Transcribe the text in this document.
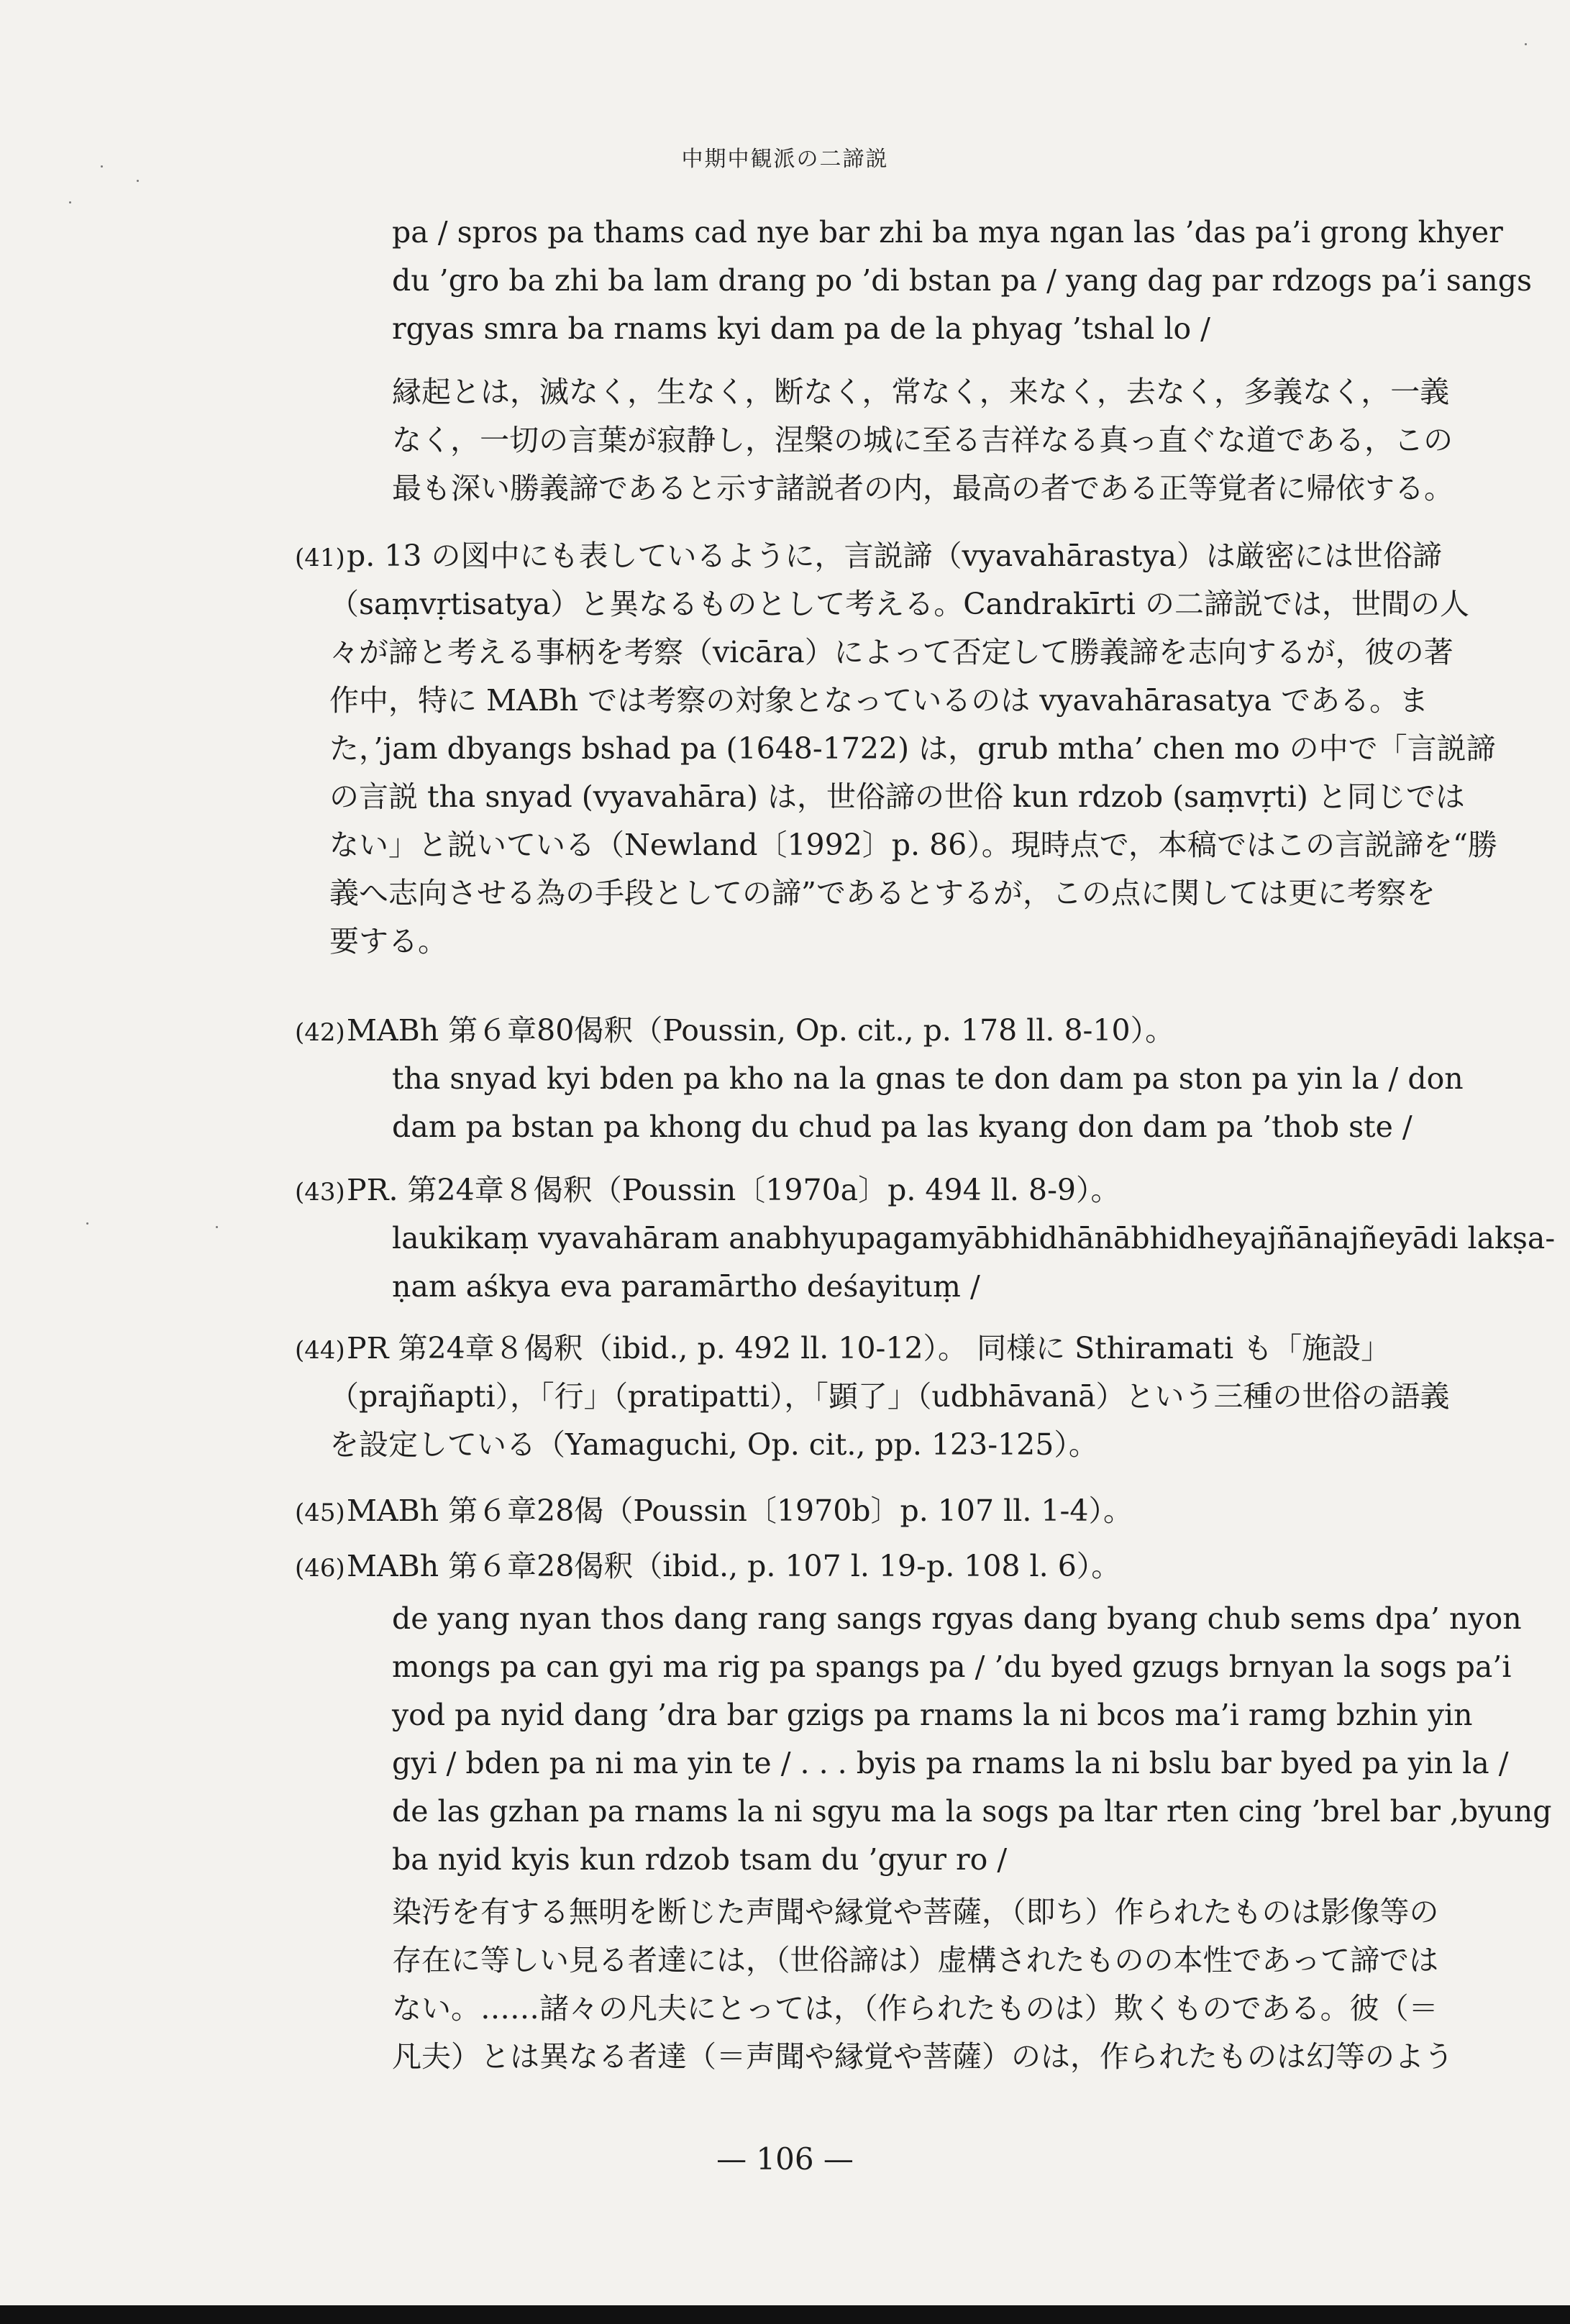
中期中観派の二諦説
pa / spros pa thams cad nye bar zhi ba mya ngan las ’das pa’i grong khyer
du ’gro ba zhi ba lam drang po ’di bstan pa / yang dag par rdzogs pa’i sangs
rgyas smra ba rnams kyi dam pa de la phyag ’tshal lo /
縁起とは，滅なく，生なく，断なく，常なく，来なく，去なく，多義なく，一義
なく，一切の言葉が寂静し，涅槃の城に至る吉祥なる真っ直ぐな道である，この
最も深い勝義諦であると示す諸説者の内，最高の者である正等覚者に帰依する。
(41)p. 13 の図中にも表しているように，言説諦（vyavahārastya）は厳密には世俗諦
（saṃvṛtisatya）と異なるものとして考える。Candrakīrti の二諦説では，世間の人
々が諦と考える事柄を考察（vicāra）によって否定して勝義諦を志向するが，彼の著
作中，特に MABh では考察の対象となっているのは vyavahārasatya である。ま
た，’jam dbyangs bshad pa (1648-1722) は，grub mtha’ chen mo の中で「言説諦
の言説 tha snyad (vyavahāra) は，世俗諦の世俗 kun rdzob (saṃvṛti) と同じでは
ない」と説いている（Newland〔1992〕p. 86）。現時点で，本稿ではこの言説諦を“勝
義へ志向させる為の手段としての諦”であるとするが，この点に関しては更に考察を
要する。
(42)MABh 第６章80偈釈（Poussin, Op. cit., p. 178 ll. 8-10）。
tha snyad kyi bden pa kho na la gnas te don dam pa ston pa yin la / don
dam pa bstan pa khong du chud pa las kyang don dam pa ’thob ste /
(43)PR. 第24章８偈釈（Poussin〔1970a〕p. 494 ll. 8-9）。
laukikaṃ vyavahāram anabhyupagamyābhidhānābhidheyajñānajñeyādi lakṣa-
ṇam aśkya eva paramārtho deśayituṃ /
(44)PR 第24章８偈釈（ibid., p. 492 ll. 10-12）。 同様に Sthiramati も「施設」
（prajñapti），「行」（pratipatti），「顕了」（udbhāvanā）という三種の世俗の語義
を設定している（Yamaguchi, Op. cit., pp. 123-125）。
(45)MABh 第６章28偈（Poussin〔1970b〕p. 107 ll. 1-4）。
(46)MABh 第６章28偈釈（ibid., p. 107 l. 19-p. 108 l. 6）。
de yang nyan thos dang rang sangs rgyas dang byang chub sems dpa’ nyon
mongs pa can gyi ma rig pa spangs pa / ’du byed gzugs brnyan la sogs pa’i
yod pa nyid dang ’dra bar gzigs pa rnams la ni bcos ma’i ramg bzhin yin
gyi / bden pa ni ma yin te / . . . byis pa rnams la ni bslu bar byed pa yin la /
de las gzhan pa rnams la ni sgyu ma la sogs pa ltar rten cing ’brel bar ,byung
ba nyid kyis kun rdzob tsam du ’gyur ro /
染汚を有する無明を断じた声聞や縁覚や菩薩，（即ち）作られたものは影像等の
存在に等しい見る者達には，（世俗諦は）虚構されたものの本性であって諦では
ない。……諸々の凡夫にとっては，（作られたものは）欺くものである。彼（＝
凡夫）とは異なる者達（＝声聞や縁覚や菩薩）のは，作られたものは幻等のよう
— 106 —
